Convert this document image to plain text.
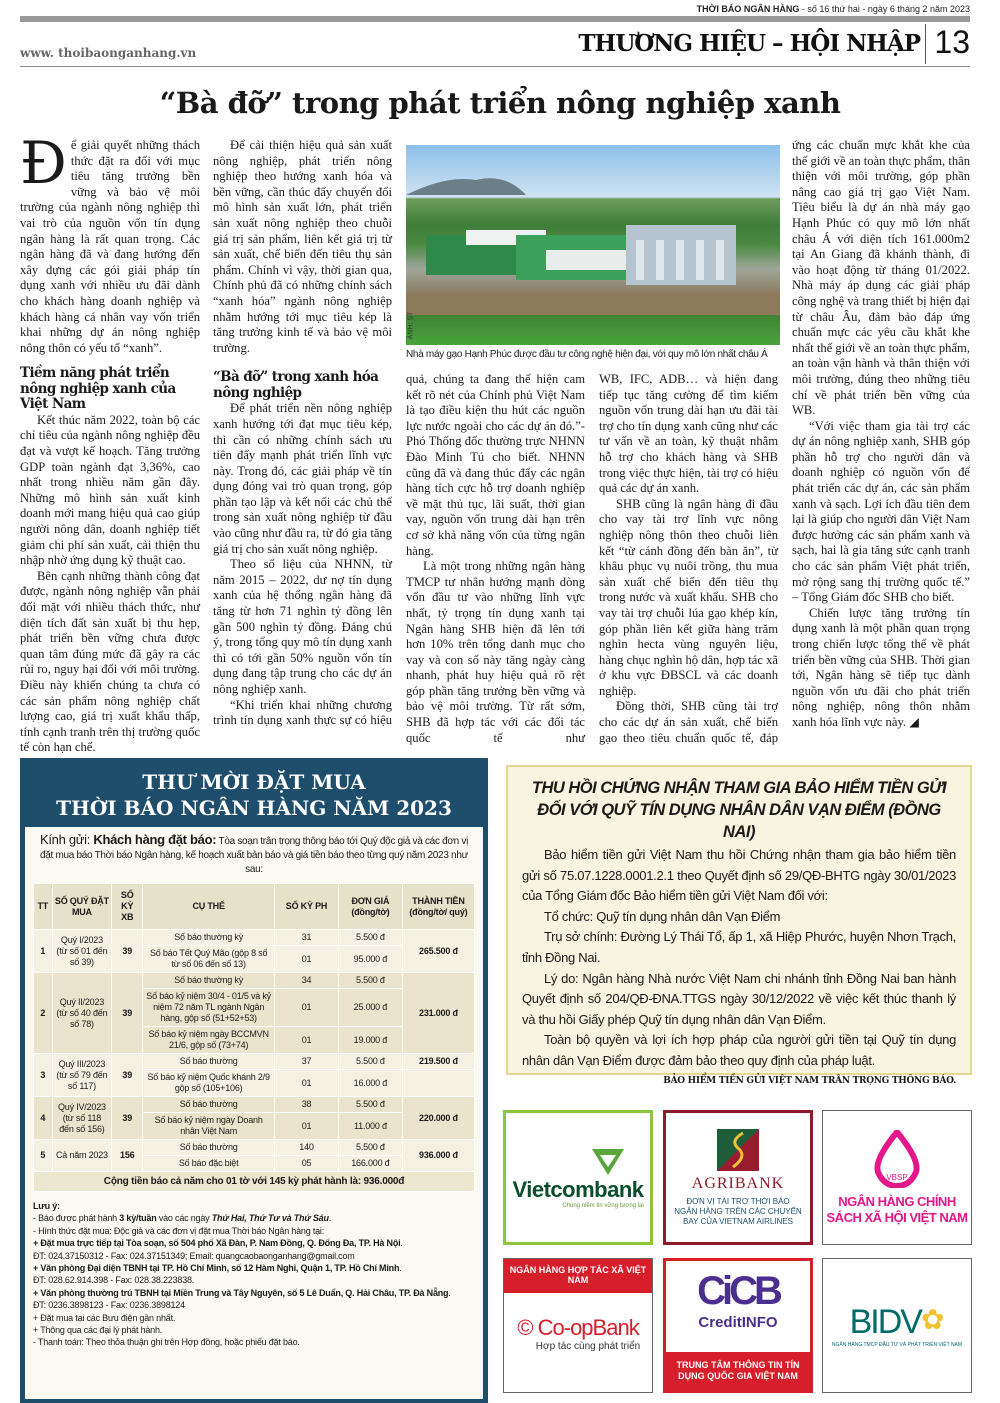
THỜI BÁO NGÂN HÀNG - số 16 thứ hai - ngày 6 tháng 2 năm 2023
www. thoibaonganhang.vn	THƯƠNG HIỆU – HỘI NHẬP 13
“Bà đỡ” trong phát triển nông nghiệp xanh

Để giải quyết những thách thức đặt ra đối với mục tiêu tăng trưởng bền vững và bảo vệ môi trường của ngành nông nghiệp thì vai trò của nguồn vốn tín dụng ngân hàng là rất quan trọng. Các ngân hàng đã và đang hướng đến xây dựng các gói giải pháp tín dụng xanh với nhiều ưu đãi dành cho khách hàng doanh nghiệp và khách hàng cá nhân vay vốn triển khai những dự án nông nghiệp nông thôn có yếu tố “xanh”.

Tiềm năng phát triển nông nghiệp xanh của Việt Nam

Kết thúc năm 2022, toàn bộ các chỉ tiêu của ngành nông nghiệp đều đạt và vượt kế hoạch. Tăng trưởng GDP toàn ngành đạt 3,36%, cao nhất trong nhiều năm gần đây. Những mô hình sản xuất kinh doanh mới mang hiệu quả cao giúp người nông dân, doanh nghiệp tiết giảm chi phí sản xuất, cải thiện thu nhập nhờ ứng dụng kỹ thuật cao.

Bên cạnh những thành công đạt được, ngành nông nghiệp vẫn phải đối mặt với nhiều thách thức, như diện tích đất sản xuất bị thu hẹp, phát triển bền vững chưa được quan tâm đúng mức đã gây ra các rủi ro, nguy hại đối với môi trường. Điều này khiến chúng ta chưa có các sản phẩm nông nghiệp chất lượng cao, giá trị xuất khẩu thấp, tính cạnh tranh trên thị trường quốc tế còn hạn chế.

Để cải thiện hiệu quả sản xuất nông nghiệp, phát triển nông nghiệp theo hướng xanh hóa và bền vững, cần thúc đẩy chuyển đổi mô hình sản xuất lớn, phát triển sản xuất nông nghiệp theo chuỗi giá trị sản phẩm, liên kết giá trị từ sản xuất, chế biến đến tiêu thụ sản phẩm. Chính vì vậy, thời gian qua, Chính phủ đã có những chính sách “xanh hóa” ngành nông nghiệp nhằm hướng tới mục tiêu kép là tăng trưởng kinh tế và bảo vệ môi trường.

“Bà đỡ” trong xanh hóa nông nghiệp

Để phát triển nền nông nghiệp xanh hướng tới đạt mục tiêu kép, thì cần có những chính sách ưu tiên đẩy mạnh phát triển lĩnh vực này. Trong đó, các giải pháp về tín dụng đóng vai trò quan trọng, góp phần tạo lập và kết nối các chủ thể trong sản xuất nông nghiệp từ đầu vào cũng như đầu ra, từ đó gia tăng giá trị cho sản xuất nông nghiệp.

Theo số liệu của NHNN, từ năm 2015 – 2022, dư nợ tín dụng xanh của hệ thống ngân hàng đã tăng từ hơn 71 nghìn tỷ đồng lên gần 500 nghìn tỷ đồng. Đáng chú ý, trong tổng quy mô tín dụng xanh thì có tới gần 50% nguồn vốn tín dụng đang tập trung cho các dự án nông nghiệp xanh.

“Khi triển khai những chương trình tín dụng xanh thực sự có hiệu

ẢNH: ST
Nhà máy gạo Hạnh Phúc được đầu tư công nghệ hiện đại, với quy mô lớn nhất châu Á

quả, chúng ta đang thể hiện cam kết rõ nét của Chính phủ Việt Nam là tạo điều kiện thu hút các nguồn lực nước ngoài cho các dự án đó.”- Phó Thống đốc thường trực NHNN Đào Minh Tú cho biết. NHNN cũng đã và đang thúc đẩy các ngân hàng tích cực hỗ trợ doanh nghiệp về mặt thủ tục, lãi suất, thời gian vay, nguồn vốn trung dài hạn trên cơ sở khả năng vốn của từng ngân hàng.

Là một trong những ngân hàng TMCP tư nhân hướng mạnh dòng vốn đầu tư vào những lĩnh vực nhất, tỷ trọng tín dụng xanh tại Ngân hàng SHB hiện đã lên tới hơn 10% trên tổng danh mục cho vay và con số này tăng ngày càng nhanh, phát huy hiệu quả rõ rệt góp phần tăng trưởng bền vững và bảo vệ môi trường. Từ rất sớm, SHB đã hợp tác với các đối tác quốc tế như

WB, IFC, ADB… và hiện đang tiếp tục tăng cường để tìm kiếm nguồn vốn trung dài hạn ưu đãi tài trợ cho tín dụng xanh cũng như các tư vấn về an toàn, kỹ thuật nhằm hỗ trợ cho khách hàng và SHB trong việc thực hiện, tài trợ có hiệu quả các dự án xanh.

SHB cũng là ngân hàng đi đầu cho vay tài trợ lĩnh vực nông nghiệp nông thôn theo chuỗi liên kết “từ cánh đồng đến bàn ăn”, từ khâu phục vụ nuôi trồng, thu mua sản xuất chế biến đến tiêu thụ trong nước và xuất khẩu. SHB cho vay tài trợ chuỗi lúa gạo khép kín, góp phần liên kết giữa hàng trăm nghìn hecta vùng nguyên liệu, hàng chục nghìn hộ dân, hợp tác xã ở khu vực ĐBSCL và các doanh nghiệp.

Đồng thời, SHB cũng tài trợ cho các dự án sản xuất, chế biến gạo theo tiêu chuẩn quốc tế, đáp

ứng các chuẩn mực khắt khe của thế giới về an toàn thực phẩm, thân thiện với môi trường, góp phần nâng cao giá trị gạo Việt Nam. Tiêu biểu là dự án nhà máy gạo Hạnh Phúc có quy mô lớn nhất châu Á với diện tích 161.000m2 tại An Giang đã khánh thành, đi vào hoạt động từ tháng 01/2022. Nhà máy áp dụng các giải pháp công nghệ và trang thiết bị hiện đại từ châu Âu, đảm bảo đáp ứng chuẩn mực các yêu cầu khắt khe nhất thế giới về an toàn thực phẩm, an toàn vận hành và thân thiện với môi trường, đúng theo những tiêu chí về phát triển bền vững của WB.

“Với việc tham gia tài trợ các dự án nông nghiệp xanh, SHB góp phần hỗ trợ cho người dân và doanh nghiệp có nguồn vốn để phát triển các dự án, các sản phẩm xanh và sạch. Lợi ích đầu tiên đem lại là giúp cho người dân Việt Nam được hưởng các sản phẩm xanh và sạch, hai là gia tăng sức cạnh tranh cho các sản phẩm Việt phát triển, mở rộng sang thị trường quốc tế.” – Tổng Giám đốc SHB cho biết.

Chiến lược tăng trưởng tín dụng xanh là một phần quan trọng trong chiến lược tổng thể về phát triển bền vững của SHB. Thời gian tới, Ngân hàng sẽ tiếp tục dành nguồn vốn ưu đãi cho phát triển nông nghiệp, nông thôn nhằm xanh hóa lĩnh vực này. ◢

THƯ MỜI ĐẶT MUA
THỜI BÁO NGÂN HÀNG NĂM 2023
Kính gửi: Khách hàng đặt báo: Tòa soạn trân trọng thông báo tới Quý độc giả và các đơn vị đặt mua báo Thời báo Ngân hàng, kế hoạch xuất bản báo và giá tiền báo theo từng quý năm 2023 như sau:
TT	SỐ QUÝ ĐẶT MUA	SỐ KỲ XB	CỤ THỂ	SỐ KỲ PH	ĐƠN GIÁ (đồng/tờ)	THÀNH TIỀN (đồng/tờ/ quý)
1	Quý I/2023 (từ số 01 đến số 39)	39	Số báo thường kỳ	31	5.500 đ	265.500 đ
			Số báo Tết Quý Mão (gộp 8 số từ số 06 đến số 13)	01	95.000 đ	
2	Quý II/2023 (từ số 40 đến số 78)	39	Số báo thường kỳ	34	5.500 đ	231.000 đ
			Số báo kỷ niệm 30/4 - 01/5 và kỷ niệm 72 năm TL ngành Ngân hàng, gộp số (51+52+53)	01	25.000 đ	
			Số báo kỷ niệm ngày BCCMVN 21/6, gộp số (73+74)	01	19.000 đ	
3	Quý III/2023 (từ số 79 đến số 117)	39	Số báo thường	37	5.500 đ	219.500 đ
			Số báo kỷ niệm Quốc khánh 2/9 gộp số (105+106)	01	16.000 đ	
4	Quý IV/2023 (từ số 118 đến số 156)	39	Số báo thường	38	5.500 đ	220.000 đ
			Số báo kỷ niệm ngày Doanh nhân Việt Nam	01	11.000 đ	
5	Cả năm 2023	156	Số báo thường	140	5.500 đ	936.000 đ
			Số báo đặc biệt	05	166.000 đ	
Cộng tiền báo cả năm cho 01 tờ với 145 kỳ phát hành là: 936.000đ						
Lưu ý:
- Báo được phát hành 3 kỳ/tuần vào các ngày Thứ Hai, Thứ Tư và Thứ Sáu.
- Hình thức đặt mua: Độc giả và các đơn vị đặt mua Thời báo Ngân hàng tại:
+ Đặt mua trực tiếp tại Tòa soạn, số 504 phố Xã Đàn, P. Nam Đồng, Q. Đống Đa, TP. Hà Nội.
ĐT: 024.37150312 - Fax: 024.37151349; Email: quangcaobaonganhang@gmail.com
+ Văn phòng Đại diện TBNH tại TP. Hồ Chí Minh, số 12 Hàm Nghi, Quận 1, TP. Hồ Chí Minh.
ĐT: 028.62.914.398 - Fax: 028.38.223838.
+ Văn phòng thường trú TBNH tại Miền Trung và Tây Nguyên, số 5 Lê Duẩn, Q. Hải Châu, TP. Đà Nẵng.
ĐT: 0236.3898123 - Fax: 0236.3898124
+ Đặt mua tại các Bưu điện gần nhất.
+ Thông qua các đại lý phát hành.
- Thanh toán: Theo thỏa thuận ghi trên Hợp đồng, hoặc phiếu đặt báo.
THU HỒI CHỨNG NHẬN THAM GIA BẢO HIỂM TIỀN GỬI ĐỐI VỚI QUỸ TÍN DỤNG NHÂN DÂN VẠN ĐIỂM (ĐỒNG NAI)

Bảo hiểm tiền gửi Việt Nam thu hồi Chứng nhận tham gia bảo hiểm tiền gửi số 75.07.1228.0001.2.1 theo Quyết định số 29/QĐ-BHTG ngày 30/01/2023 của Tổng Giám đốc Bảo hiểm tiền gửi Việt Nam đối với:

Tổ chức: Quỹ tín dụng nhân dân Vạn Điểm

Trụ sở chính: Đường Lý Thái Tổ, ấp 1, xã Hiệp Phước, huyện Nhơn Trạch, tỉnh Đồng Nai.

Lý do: Ngân hàng Nhà nước Việt Nam chi nhánh tỉnh Đồng Nai ban hành Quyết định số 204/QĐ-ĐNA.TTGS ngày 30/12/2022 về việc kết thúc thanh lý và thu hồi Giấy phép Quỹ tín dụng nhân dân Vạn Điểm.

Toàn bộ quyền và lợi ích hợp pháp của người gửi tiền tại Quỹ tín dụng nhân dân Vạn Điểm được đảm bảo theo quy định của pháp luật.

BẢO HIỂM TIỀN GỬI VIỆT NAM TRÂN TRỌNG THÔNG BÁO.

Vietcombank
Chung niềm tin vững tương lai
AGRIBANK
ĐƠN VỊ TÀI TRỢ THỜI BÁO NGÂN HÀNG TRÊN CÁC CHUYẾN BAY CỦA VIETNAM AIRLINES
VBSP
NGÂN HÀNG CHÍNH SÁCH XÃ HỘI VIỆT NAM
NGÂN HÀNG HỢP TÁC XÃ VIỆT NAM
© Co-opBank
Hợp tác cùng phát triển
CiCB
CreditINFO
TRUNG TÂM THÔNG TIN TÍN DỤNG QUỐC GIA VIỆT NAM
BIDV✿
NGÂN HÀNG TMCP ĐẦU TƯ VÀ PHÁT TRIỂN VIỆT NAM
